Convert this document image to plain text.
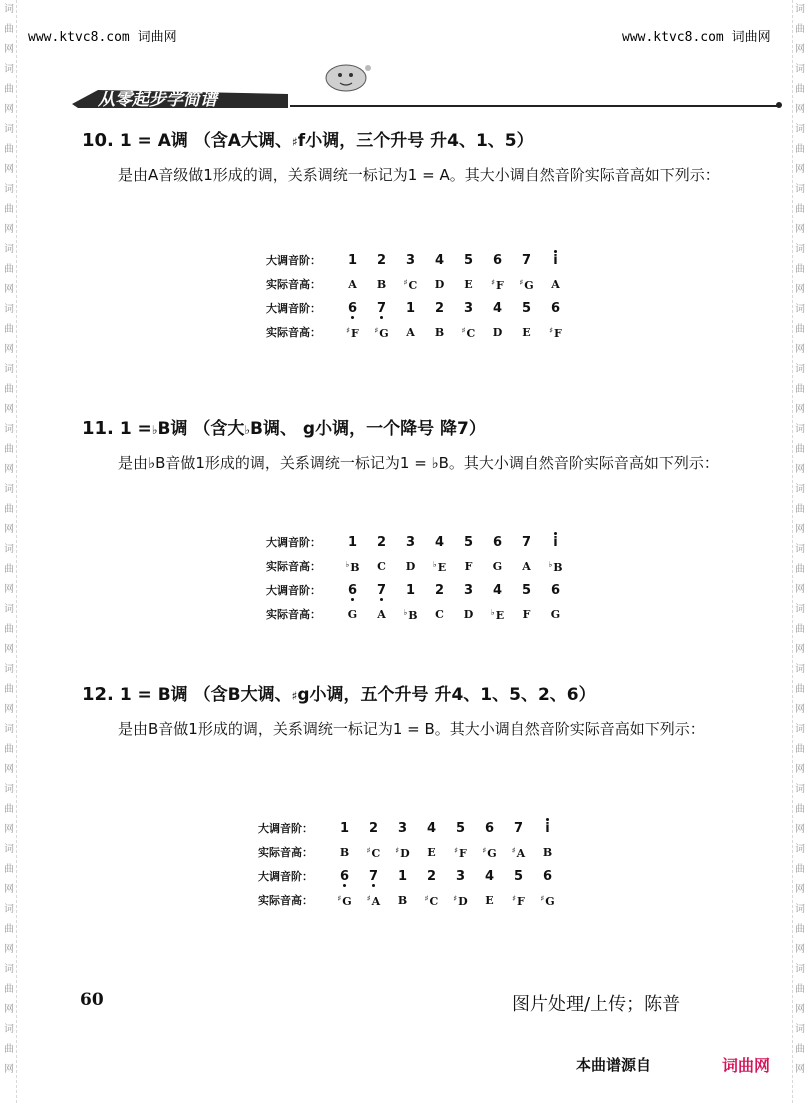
词
曲
网
词
曲
网
词
曲
网
词
曲
网
词
曲
网
词
曲
网
词
曲
网
词
曲
网
词
曲
网
词
曲
网
词
曲
网
词
曲
网
词
曲
网
词
曲
网
词
曲
网
词
曲
网
词
曲
网
词
曲
网
词
曲
网
词
曲
网
词
曲
网
词
曲
网
词
曲
网
词
曲
网
词
曲
网
词
曲
网
词
曲
网
词
曲
网
词
曲
网
词
曲
网
词
曲
网
词
曲
网
词
曲
网
词
曲
网
词
曲
网
词
曲
网
www.ktvc8.com 词曲网	www.ktvc8.com 词曲网
从零起步学简谱
10. 1 = A调 （含A大调、♯f小调，三个升号 升4、1、5）

是由A音级做1形成的调，关系调统一标记为1 = A。其大小调自然音阶实际音高如下列示：

大调音阶：	1	2	3	4	5	6	7	i
实际音高：	A	B	♯C	D	E	♯F	♯G	A
大调音阶：	6	7	1	2	3	4	5	6
实际音高：	♯F	♯G	A	B	♯C	D	E	♯F
11. 1 =♭B调 （含大♭B调、 g小调，一个降号 降7）

是由♭B音做1形成的调，关系调统一标记为1 = ♭B。其大小调自然音阶实际音高如下列示：

大调音阶：	1	2	3	4	5	6	7	i
实际音高：	♭B	C	D	♭E	F	G	A	♭B
大调音阶：	6	7	1	2	3	4	5	6
实际音高：	G	A	♭B	C	D	♭E	F	G
12. 1 = B调 （含B大调、♯g小调，五个升号 升4、1、5、2、6）

是由B音做1形成的调，关系调统一标记为1 = B。其大小调自然音阶实际音高如下列示：

大调音阶：	1	2	3	4	5	6	7	i
实际音高：	B	♯C	♯D	E	♯F	♯G	♯A	B
大调音阶：	6	7	1	2	3	4	5	6
实际音高：	♯G	♯A	B	♯C	♯D	E	♯F	♯G
60	图片处理/上传；陈普
本曲谱源自	词曲网
